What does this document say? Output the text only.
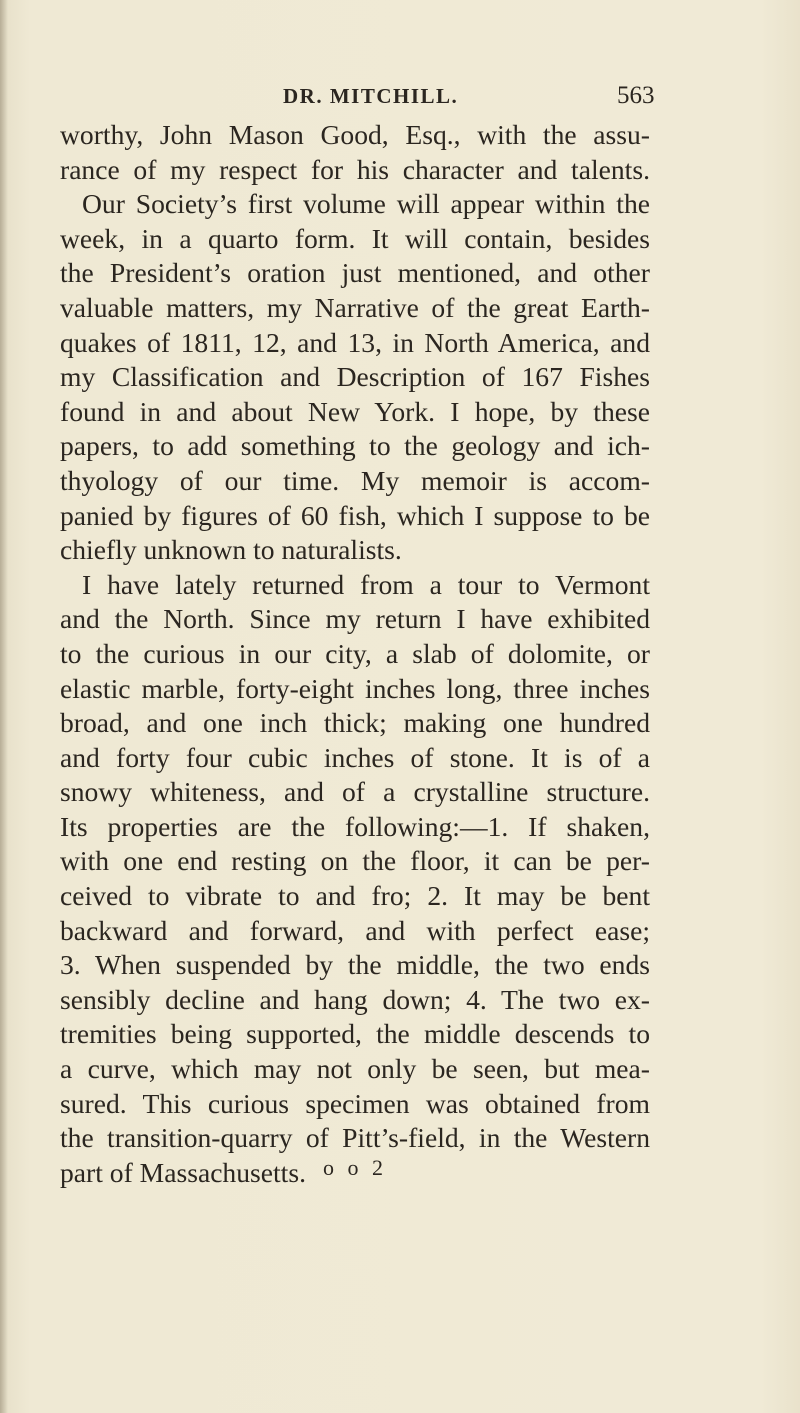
DR. MITCHILL.	563
worthy, John Mason Good, Esq., with the assu-
rance of my respect for his character and talents.
Our Society’s first volume will appear within the
week, in a quarto form. It will contain, besides
the President’s oration just mentioned, and other
valuable matters, my Narrative of the great Earth-
quakes of 1811, 12, and 13, in North America, and
my Classification and Description of 167 Fishes
found in and about New York. I hope, by these
papers, to add something to the geology and ich-
thyology of our time. My memoir is accom-
panied by figures of 60 fish, which I suppose to be
chiefly unknown to naturalists.
I have lately returned from a tour to Vermont
and the North. Since my return I have exhibited
to the curious in our city, a slab of dolomite, or
elastic marble, forty-eight inches long, three inches
broad, and one inch thick; making one hundred
and forty four cubic inches of stone. It is of a
snowy whiteness, and of a crystalline structure.
Its properties are the following:—1. If shaken,
with one end resting on the floor, it can be per-
ceived to vibrate to and fro; 2. It may be bent
backward and forward, and with perfect ease;
3. When suspended by the middle, the two ends
sensibly decline and hang down; 4. The two ex-
tremities being supported, the middle descends to
a curve, which may not only be seen, but mea-
sured. This curious specimen was obtained from
the transition-quarry of Pitt’s-field, in the Western
part of Massachusetts. o o 2
